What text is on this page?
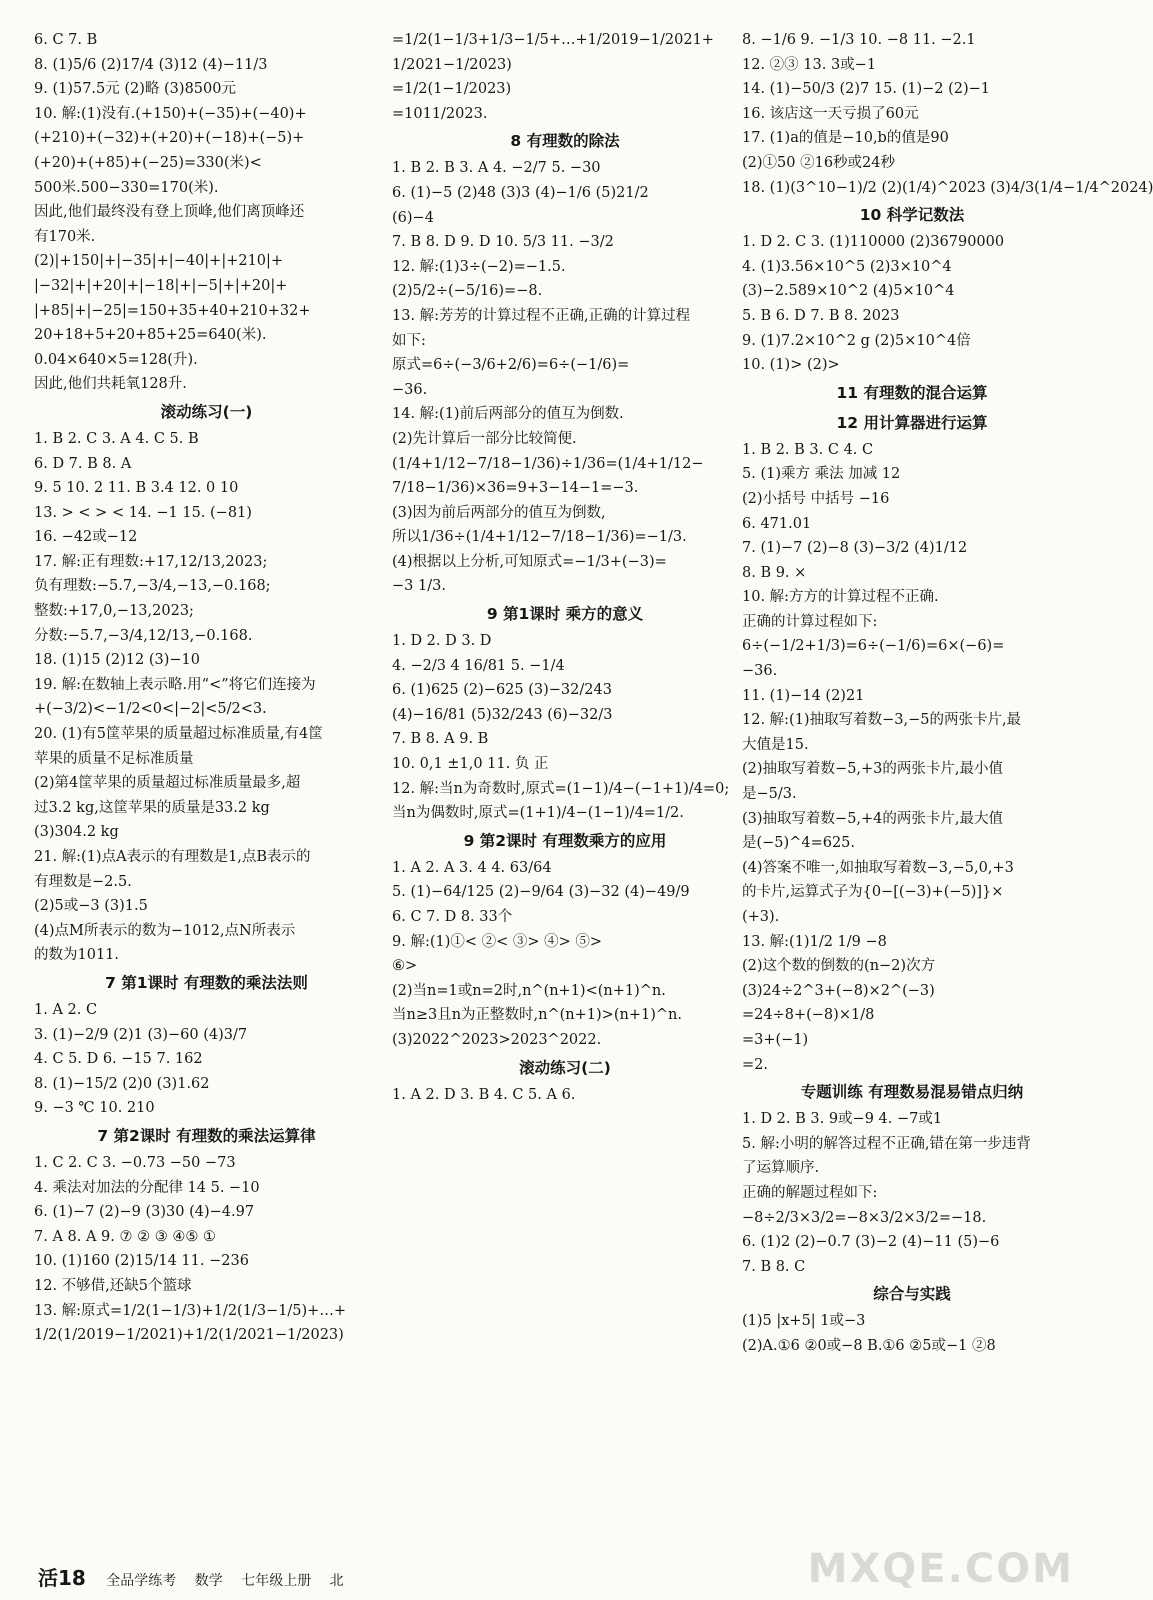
6. C 7. B
8. (1)5/6 (2)17/4 (3)12 (4)−11/3
9. (1)57.5元 (2)略 (3)8500元
10. 解:(1)没有.(+150)+(−35)+(−40)+
(+210)+(−32)+(+20)+(−18)+(−5)+
(+20)+(+85)+(−25)=330(米)<
500米.500−330=170(米).
因此,他们最终没有登上顶峰,他们离顶峰还
有170米.
(2)|+150|+|−35|+|−40|+|+210|+
|−32|+|+20|+|−18|+|−5|+|+20|+
|+85|+|−25|=150+35+40+210+32+
20+18+5+20+85+25=640(米).
0.04×640×5=128(升).
因此,他们共耗氧128升.
滚动练习(一)
1. B 2. C 3. A 4. C 5. B
6. D 7. B 8. A
9. 5 10. 2 11. B 3.4 12. 0 10
13. > < > < 14. −1 15. (−81)
16. −42或−12
17. 解:正有理数:+17,12/13,2023;
负有理数:−5.7,−3/4,−13,−0.168;
整数:+17,0,−13,2023;
分数:−5.7,−3/4,12/13,−0.168.
18. (1)15 (2)12 (3)−10
19. 解:在数轴上表示略.用“<”将它们连接为
+(−3/2)<−1/2<0<|−2|<5/2<3.
20. (1)有5筐苹果的质量超过标准质量,有4筐
苹果的质量不足标准质量
(2)第4筐苹果的质量超过标准质量最多,超
过3.2 kg,这筐苹果的质量是33.2 kg
(3)304.2 kg
21. 解:(1)点A表示的有理数是1,点B表示的
有理数是−2.5.
(2)5或−3 (3)1.5
(4)点M所表示的数为−1012,点N所表示
的数为1011.
7 第1课时 有理数的乘法法则
1. A 2. C
3. (1)−2/9 (2)1 (3)−60 (4)3/7
4. C 5. D 6. −15 7. 162
8. (1)−15/2 (2)0 (3)1.62
9. −3 ℃ 10. 210
7 第2课时 有理数的乘法运算律
1. C 2. C 3. −0.73 −50 −73
4. 乘法对加法的分配律 14 5. −10
6. (1)−7 (2)−9 (3)30 (4)−4.97
7. A 8. A 9. ⑦ ② ③ ④⑤ ①
10. (1)160 (2)15/14 11. −236
12. 不够借,还缺5个篮球
13. 解:原式=1/2(1−1/3)+1/2(1/3−1/5)+…+
1/2(1/2019−1/2021)+1/2(1/2021−1/2023)
=1/2(1−1/3+1/3−1/5+…+1/2019−1/2021+
1/2021−1/2023)
=1/2(1−1/2023)
=1011/2023.
8 有理数的除法
1. B 2. B 3. A 4. −2/7 5. −30
6. (1)−5 (2)48 (3)3 (4)−1/6 (5)21/2
(6)−4
7. B 8. D 9. D 10. 5/3 11. −3/2
12. 解:(1)3÷(−2)=−1.5.
(2)5/2÷(−5/16)=−8.
13. 解:芳芳的计算过程不正确,正确的计算过程
如下:
原式=6÷(−3/6+2/6)=6÷(−1/6)=
−36.
14. 解:(1)前后两部分的值互为倒数.
(2)先计算后一部分比较简便.
(1/4+1/12−7/18−1/36)÷1/36=(1/4+1/12−
7/18−1/36)×36=9+3−14−1=−3.
(3)因为前后两部分的值互为倒数,
所以1/36÷(1/4+1/12−7/18−1/36)=−1/3.
(4)根据以上分析,可知原式=−1/3+(−3)=
−3 1/3.
9 第1课时 乘方的意义
1. D 2. D 3. D
4. −2/3 4 16/81 5. −1/4
6. (1)625 (2)−625 (3)−32/243
(4)−16/81 (5)32/243 (6)−32/3
7. B 8. A 9. B
10. 0,1 ±1,0 11. 负 正
12. 解:当n为奇数时,原式=(1−1)/4−(−1+1)/4=0;
当n为偶数时,原式=(1+1)/4−(1−1)/4=1/2.
9 第2课时 有理数乘方的应用
1. A 2. A 3. 4 4. 63/64
5. (1)−64/125 (2)−9/64 (3)−32 (4)−49/9
6. C 7. D 8. 33个
9. 解:(1)①< ②< ③> ④> ⑤>
⑥>
(2)当n=1或n=2时,n^(n+1)<(n+1)^n.
当n≥3且n为正整数时,n^(n+1)>(n+1)^n.
(3)2022^2023>2023^2022.
滚动练习(二)
1. A 2. D 3. B 4. C 5. A 6.
8. −1/6 9. −1/3 10. −8 11. −2.1
12. ②③ 13. 3或−1
14. (1)−50/3 (2)7 15. (1)−2 (2)−1
16. 该店这一天亏损了60元
17. (1)a的值是−10,b的值是90
(2)①50 ②16秒或24秒
18. (1)(3^10−1)/2 (2)(1/4)^2023 (3)4/3(1/4−1/4^2024)
10 科学记数法
1. D 2. C 3. (1)110000 (2)36790000
4. (1)3.56×10^5 (2)3×10^4
(3)−2.589×10^2 (4)5×10^4
5. B 6. D 7. B 8. 2023
9. (1)7.2×10^2 g (2)5×10^4倍
10. (1)> (2)>
11 有理数的混合运算
12 用计算器进行运算
1. B 2. B 3. C 4. C
5. (1)乘方 乘法 加减 12
(2)小括号 中括号 −16
6. 471.01
7. (1)−7 (2)−8 (3)−3/2 (4)1/12
8. B 9. ×
10. 解:方方的计算过程不正确.
正确的计算过程如下:
6÷(−1/2+1/3)=6÷(−1/6)=6×(−6)=
−36.
11. (1)−14 (2)21
12. 解:(1)抽取写着数−3,−5的两张卡片,最
大值是15.
(2)抽取写着数−5,+3的两张卡片,最小值
是−5/3.
(3)抽取写着数−5,+4的两张卡片,最大值
是(−5)^4=625.
(4)答案不唯一,如抽取写着数−3,−5,0,+3
的卡片,运算式子为{0−[(−3)+(−5)]}×
(+3).
13. 解:(1)1/2 1/9 −8
(2)这个数的倒数的(n−2)次方
(3)24÷2^3+(−8)×2^(−3)
=24÷8+(−8)×1/8
=3+(−1)
=2.
专题训练 有理数易混易错点归纳
1. D 2. B 3. 9或−9 4. −7或1
5. 解:小明的解答过程不正确,错在第一步违背
了运算顺序.
正确的解题过程如下:
−8÷2/3×3/2=−8×3/2×3/2=−18.
6. (1)2 (2)−0.7 (3)−2 (4)−11 (5)−6
7. B 8. C
综合与实践
(1)5 |x+5| 1或−3
(2)A.①6 ②0或−8 B.①6 ②5或−1 ②8
活18 全品学练考 数学 七年级上册 北	MXQE.COM
